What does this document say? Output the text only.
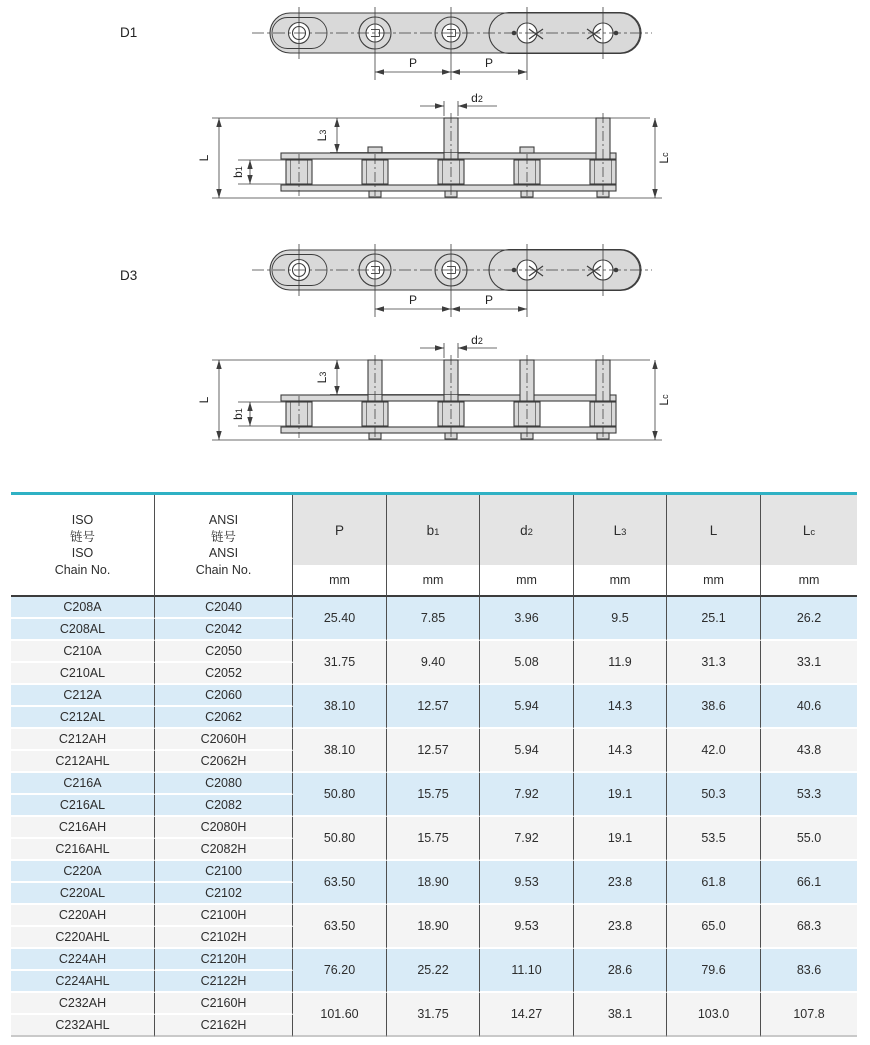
D1
P	P
L	Lc
b1
L3
d2
D3
P	P
L	Lc
b1
L3
d2
ISO
链号
ISO
Chain No.

ANSI
链号
ANSI
Chain No.
	P	b1	d2	L3	L	Lc
		mm	mm	mm	mm	mm	mm
C208A	C2040	25.40	7.85	3.96	9.5	25.1	26.2
C208AL	C2042						
C210A	C2050	31.75	9.40	5.08	11.9	31.3	33.1
C210AL	C2052						
C212A	C2060	38.10	12.57	5.94	14.3	38.6	40.6
C212AL	C2062						
C212AH	C2060H	38.10	12.57	5.94	14.3	42.0	43.8
C212AHL	C2062H						
C216A	C2080	50.80	15.75	7.92	19.1	50.3	53.3
C216AL	C2082						
C216AH	C2080H	50.80	15.75	7.92	19.1	53.5	55.0
C216AHL	C2082H						
C220A	C2100	63.50	18.90	9.53	23.8	61.8	66.1
C220AL	C2102						
C220AH	C2100H	63.50	18.90	9.53	23.8	65.0	68.3
C220AHL	C2102H						
C224AH	C2120H	76.20	25.22	11.10	28.6	79.6	83.6
C224AHL	C2122H						
C232AH	C2160H	101.60	31.75	14.27	38.1	103.0	107.8
C232AHL	C2162H						
